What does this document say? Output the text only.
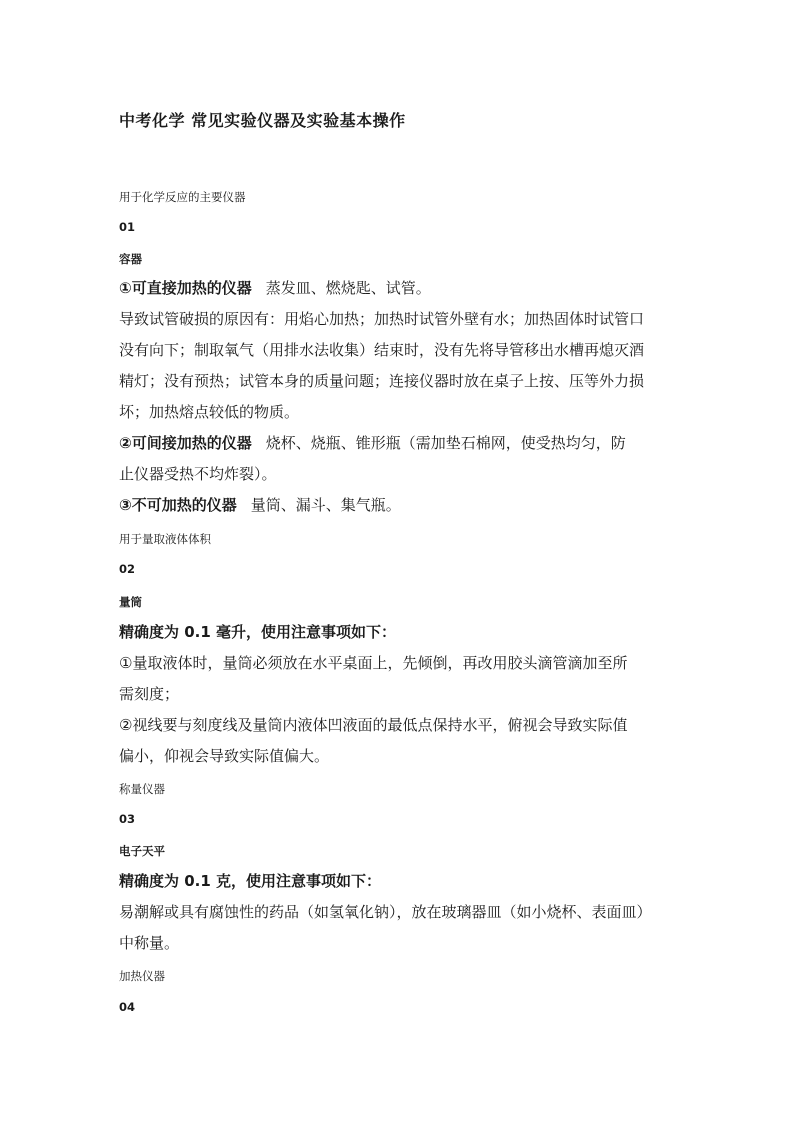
中考化学 常见实验仪器及实验基本操作
用于化学反应的主要仪器
01
容器
①可直接加热的仪器 蒸发皿、燃烧匙、试管。
导致试管破损的原因有：用焰心加热；加热时试管外壁有水；加热固体时试管口
没有向下；制取氧气（用排水法收集）结束时，没有先将导管移出水槽再熄灭酒
精灯；没有预热；试管本身的质量问题；连接仪器时放在桌子上按、压等外力损
坏；加热熔点较低的物质。
②可间接加热的仪器 烧杯、烧瓶、锥形瓶（需加垫石棉网，使受热均匀，防
止仪器受热不均炸裂）。
③不可加热的仪器 量筒、漏斗、集气瓶。
用于量取液体体积
02
量筒
精确度为 0.1 毫升，使用注意事项如下：
①量取液体时，量筒必须放在水平桌面上，先倾倒，再改用胶头滴管滴加至所
需刻度；
②视线要与刻度线及量筒内液体凹液面的最低点保持水平，俯视会导致实际值
偏小，仰视会导致实际值偏大。
称量仪器
03
电子天平
精确度为 0.1 克，使用注意事项如下：
易潮解或具有腐蚀性的药品（如氢氧化钠），放在玻璃器皿（如小烧杯、表面皿）
中称量。
加热仪器
04
